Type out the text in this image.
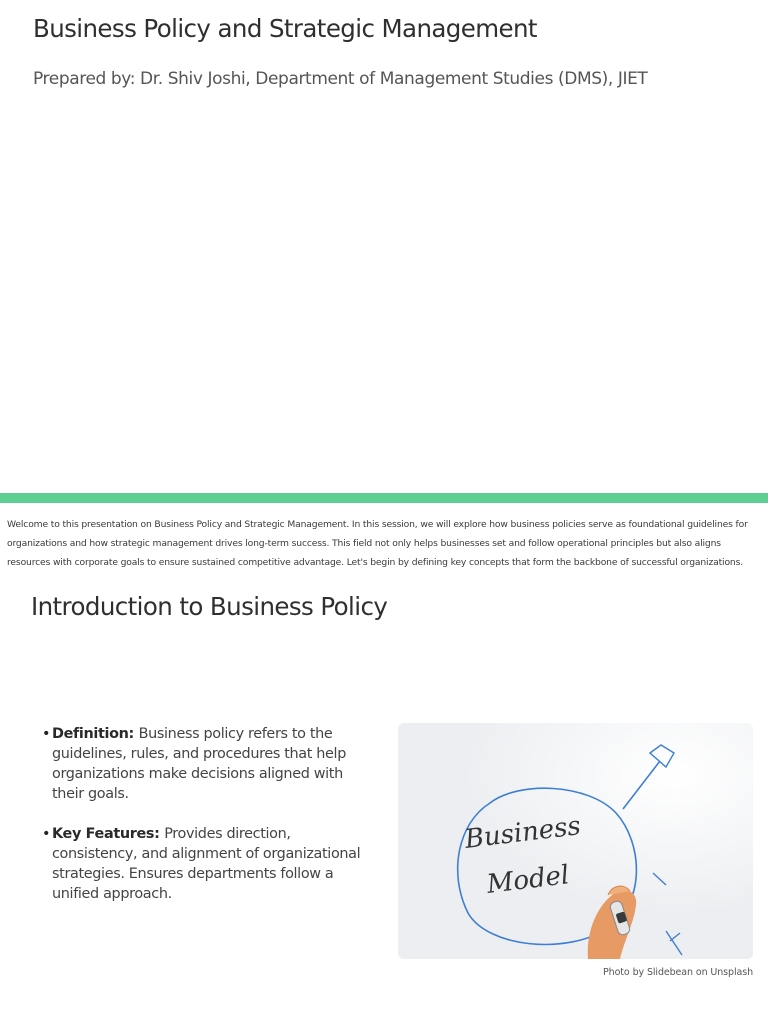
Business Policy and Strategic Management
Prepared by: Dr. Shiv Joshi, Department of Management Studies (DMS), JIET
Welcome to this presentation on Business Policy and Strategic Management. In this session, we will explore how business policies serve as foundational guidelines for organizations and how strategic management drives long-term success. This field not only helps businesses set and follow operational principles but also aligns resources with corporate goals to ensure sustained competitive advantage. Let's begin by defining key concepts that form the backbone of successful organizations.
Introduction to Business Policy
• Definition: Business policy refers to the guidelines, rules, and procedures that help organizations make decisions aligned with their goals.
• Key Features: Provides direction, consistency, and alignment of organizational strategies. Ensures departments follow a unified approach.
Business
Model
Photo by Slidebean on Unsplash
